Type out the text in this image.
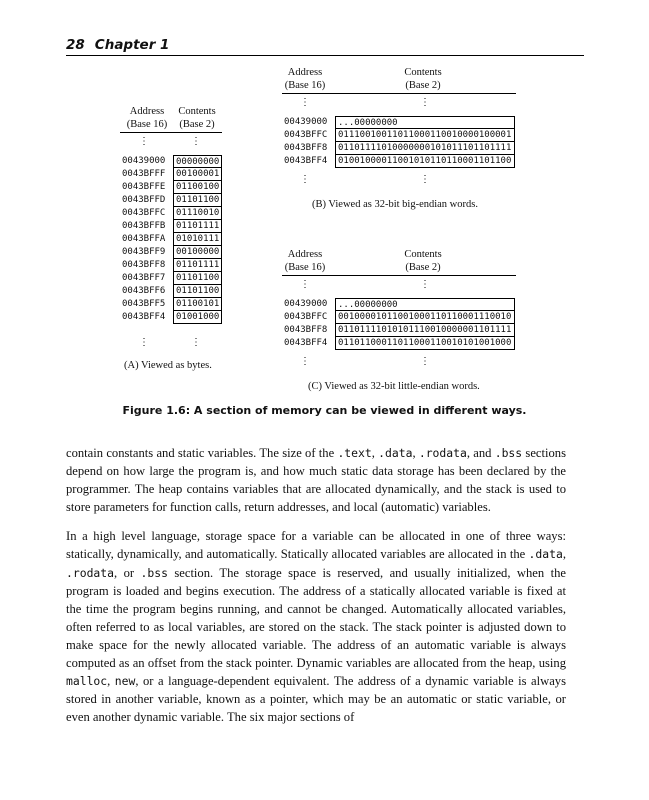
28 Chapter 1
Address
(Base 16)
Contents
(Base 2)
⋮	⋮
00439000	00000000
0043BFFF	00100001
0043BFFE	01100100
0043BFFD	01101100
0043BFFC	01110010
0043BFFB	01101111
0043BFFA	01010111
0043BFF9	00100000
0043BFF8	01101111
0043BFF7	01101100
0043BFF6	01101100
0043BFF5	01100101
0043BFF4	01001000
⋮	⋮
(A) Viewed as bytes.
Address
(Base 16)
Contents
(Base 2)
⋮	⋮
00439000	...00000000
0043BFFC	01110010011011000110010000100001
0043BFF8	01101111010000000101011101101111
0043BFF4	01001000011001010110110001101100
⋮	⋮
(B) Viewed as 32-bit big-endian words.
Address
(Base 16)
Contents
(Base 2)
⋮	⋮
00439000	...00000000
0043BFFC	00100001011001000110110001110010
0043BFF8	01101111010101110010000001101111
0043BFF4	01101100011011000110010101001000
⋮	⋮
(C) Viewed as 32-bit little-endian words.
Figure 1.6: A section of memory can be viewed in different ways.

contain constants and static variables. The size of the .text, .data, .rodata, and .bss sections depend on how large the program is, and how much static data storage has been declared by the programmer. The heap contains variables that are allocated dynamically, and the stack is used to store parameters for function calls, return addresses, and local (automatic) variables.

In a high level language, storage space for a variable can be allocated in one of three ways: statically, dynamically, and automatically. Statically allocated variables are allocated in the .data, .rodata, or .bss section. The storage space is reserved, and usually initialized, when the program is loaded and begins execution. The address of a statically allocated variable is fixed at the time the program begins running, and cannot be changed. Automatically allocated variables, often referred to as local variables, are stored on the stack. The stack pointer is adjusted down to make space for the newly allocated variable. The address of an automatic variable is always computed as an offset from the stack pointer. Dynamic variables are allocated from the heap, using malloc, new, or a language-dependent equivalent. The address of a dynamic variable is always stored in another variable, known as a pointer, which may be an automatic or static variable, or even another dynamic variable. The six major sections of
